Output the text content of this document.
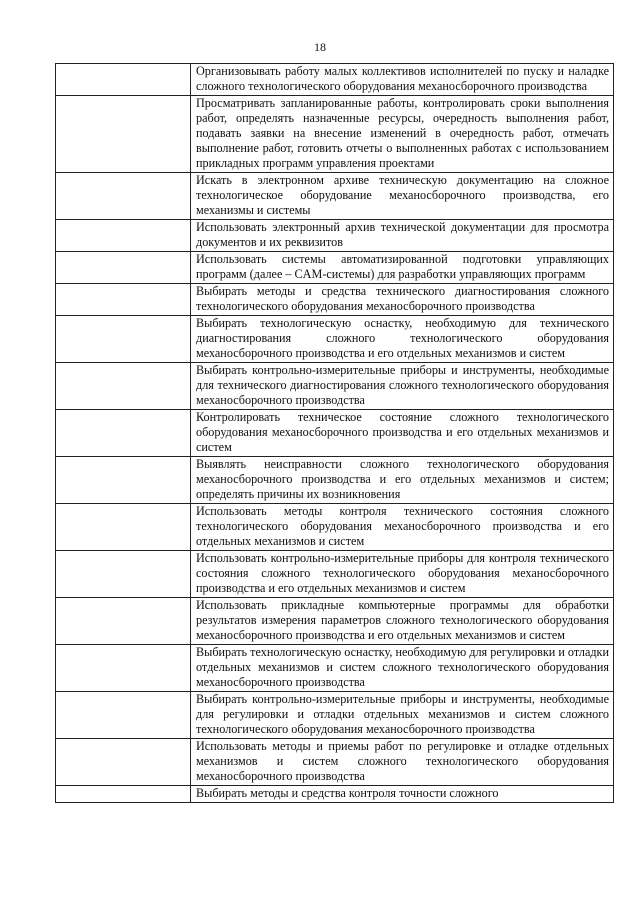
18
	Организовывать работу малых коллективов исполнителей по пуску и наладке сложного технологического оборудования механосборочного производства
	Просматривать запланированные работы, контролировать сроки выполнения работ, определять назначенные ресурсы, очередность выполнения работ, подавать заявки на внесение изменений в очередность работ, отмечать выполнение работ, готовить отчеты о выполненных работах с использованием прикладных программ управления проектами
	Искать в электронном архиве техническую документацию на сложное технологическое оборудование механосборочного производства, его механизмы и системы
	Использовать электронный архив технической документации для просмотра документов и их реквизитов
	Использовать системы автоматизированной подготовки управляющих программ (далее – CAM-системы) для разработки управляющих программ
	Выбирать методы и средства технического диагностирования сложного технологического оборудования механосборочного производства
	Выбирать технологическую оснастку, необходимую для технического диагностирования сложного технологического оборудования механосборочного производства и его отдельных механизмов и систем
	Выбирать контрольно-измерительные приборы и инструменты, необходимые для технического диагностирования сложного технологического оборудования механосборочного производства
	Контролировать техническое состояние сложного технологического оборудования механосборочного производства и его отдельных механизмов и систем
	Выявлять неисправности сложного технологического оборудования механосборочного производства и его отдельных механизмов и систем; определять причины их возникновения
	Использовать методы контроля технического состояния сложного технологического оборудования механосборочного производства и его отдельных механизмов и систем
	Использовать контрольно-измерительные приборы для контроля технического состояния сложного технологического оборудования механосборочного производства и его отдельных механизмов и систем
	Использовать прикладные компьютерные программы для обработки результатов измерения параметров сложного технологического оборудования механосборочного производства и его отдельных механизмов и систем
	Выбирать технологическую оснастку, необходимую для регулировки и отладки отдельных механизмов и систем сложного технологического оборудования механосборочного производства
	Выбирать контрольно-измерительные приборы и инструменты, необходимые для регулировки и отладки отдельных механизмов и систем сложного технологического оборудования механосборочного производства
	Использовать методы и приемы работ по регулировке и отладке отдельных механизмов и систем сложного технологического оборудования механосборочного производства
	Выбирать методы и средства контроля точности сложного
